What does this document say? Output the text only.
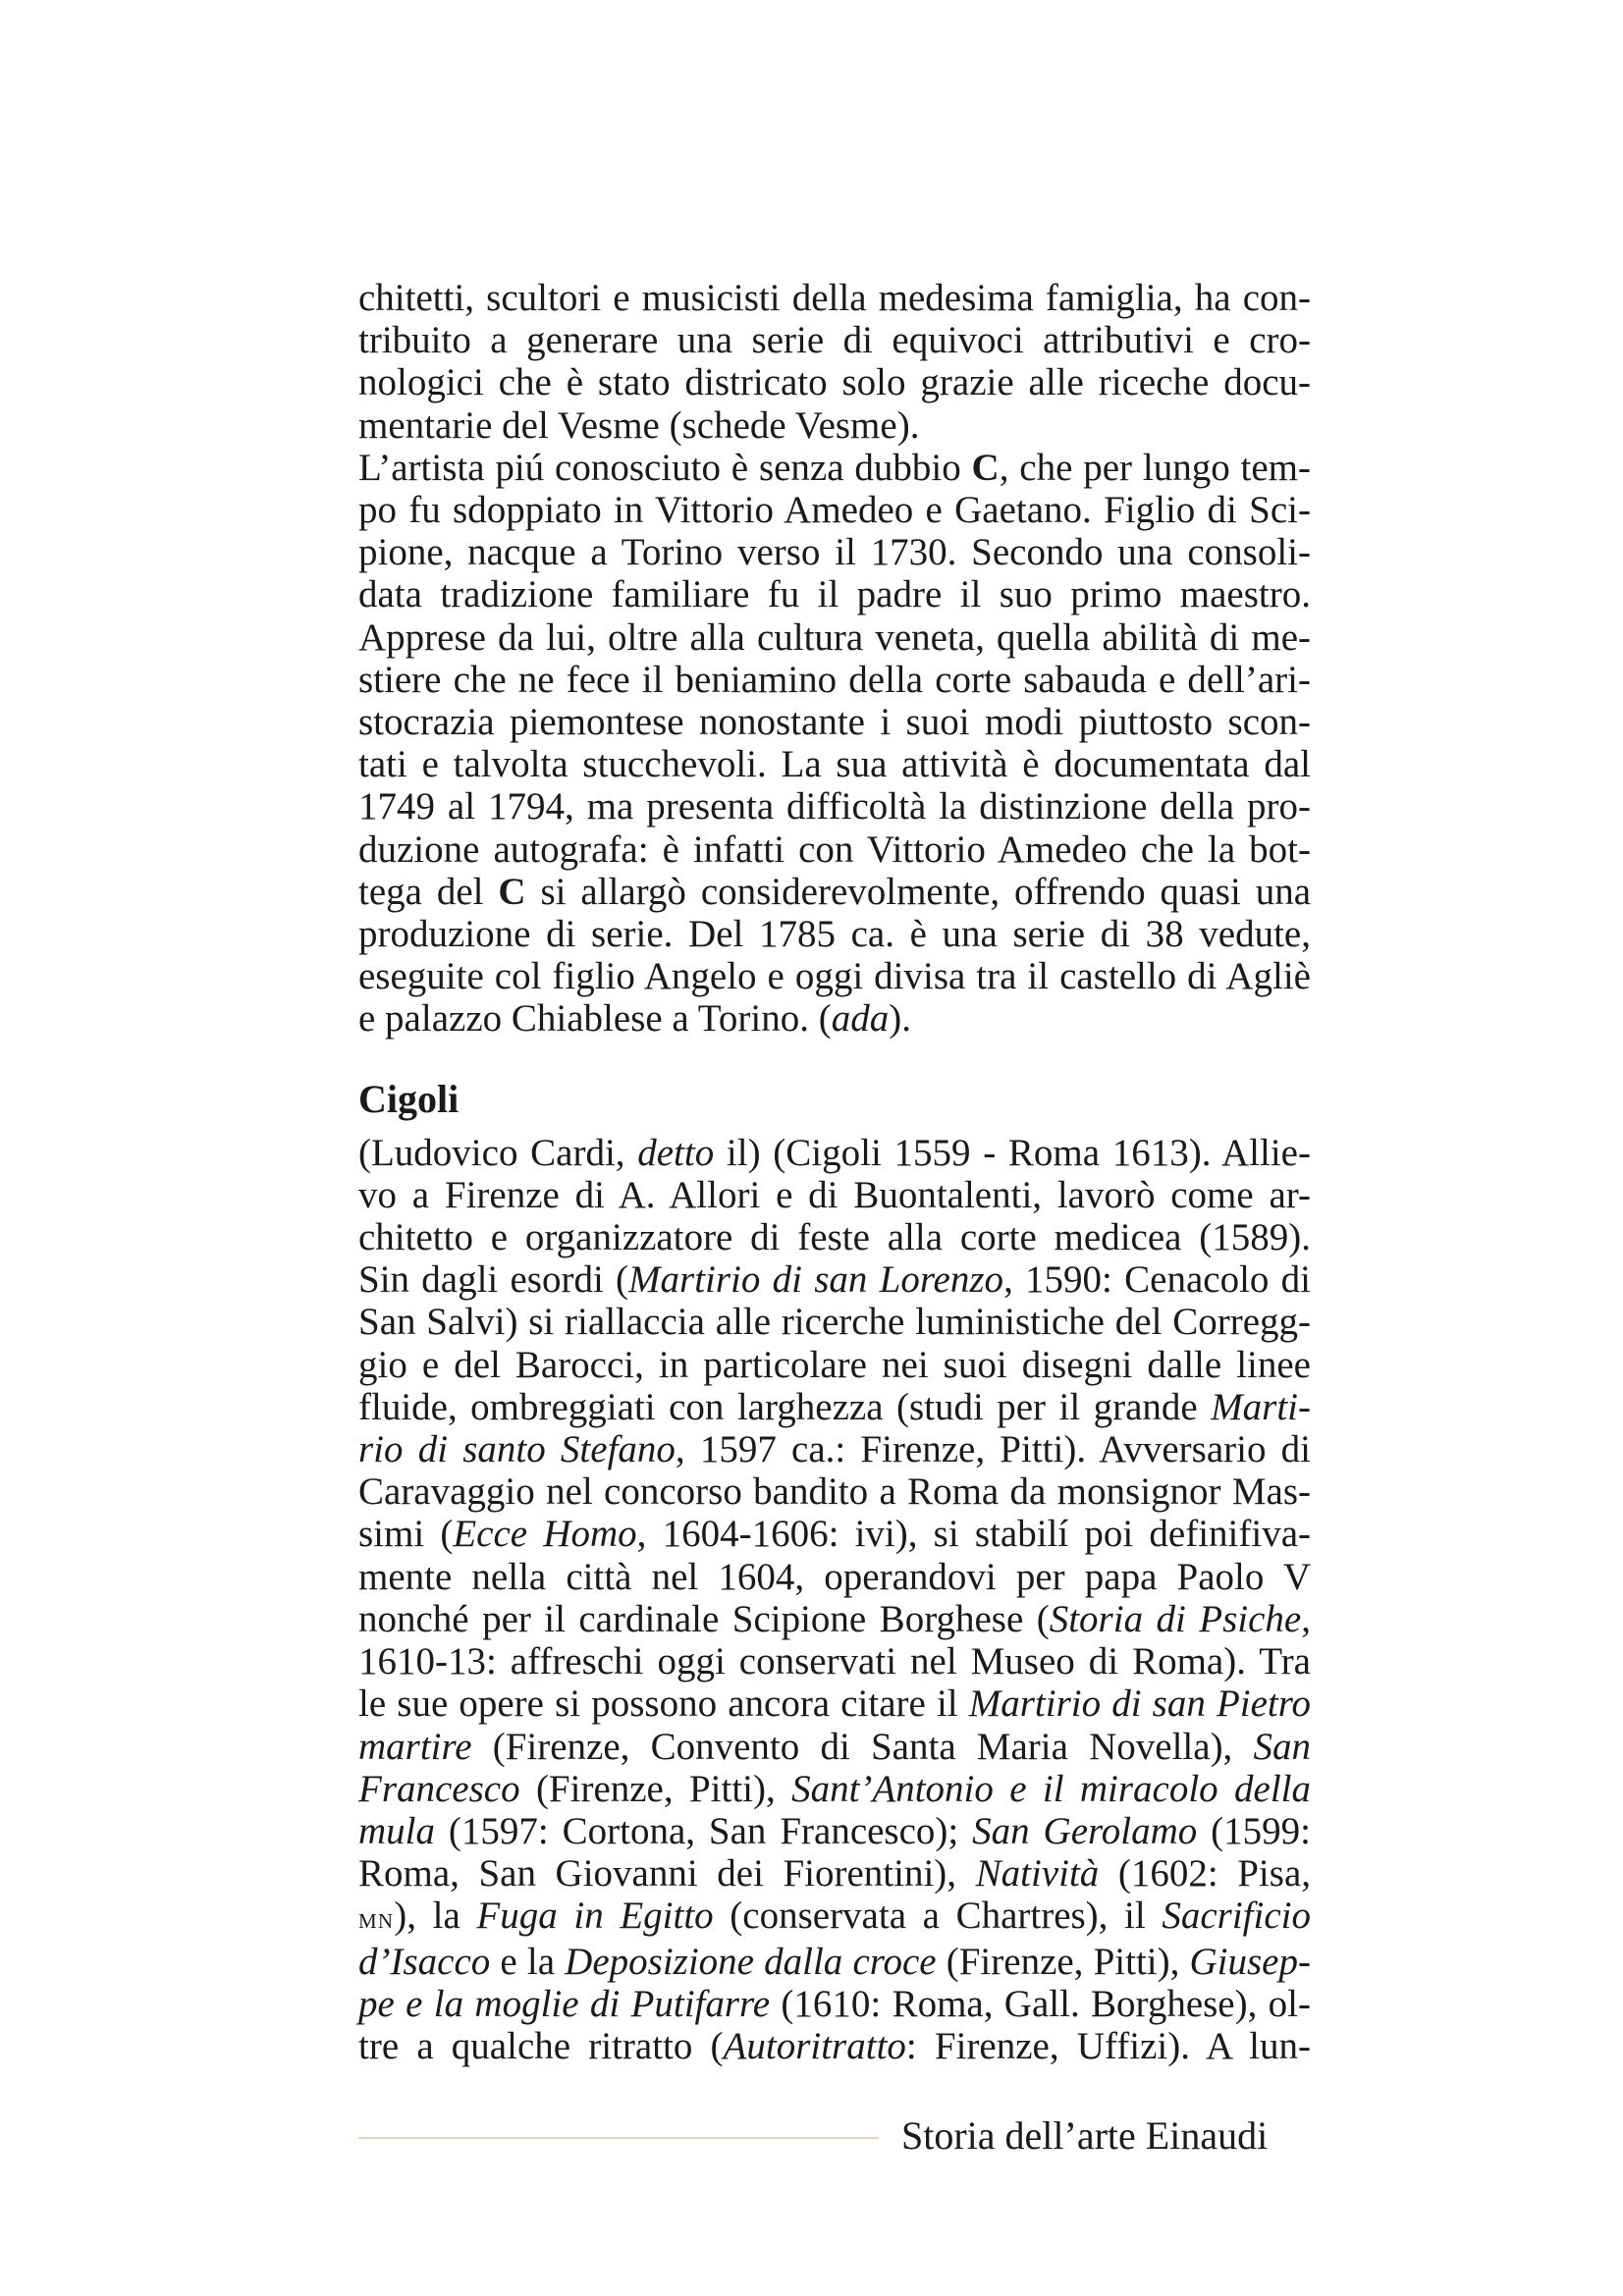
chitetti, scultori e musicisti della medesima famiglia, ha con-
tribuito a generare una serie di equivoci attributivi e cro-
nologici che è stato districato solo grazie alle riceche docu-
mentarie del Vesme (schede Vesme).
L’artista piú conosciuto è senza dubbio C, che per lungo tem-
po fu sdoppiato in Vittorio Amedeo e Gaetano. Figlio di Sci-
pione, nacque a Torino verso il 1730. Secondo una consoli-
data tradizione familiare fu il padre il suo primo maestro.
Apprese da lui, oltre alla cultura veneta, quella abilità di me-
stiere che ne fece il beniamino della corte sabauda e dell’ari-
stocrazia piemontese nonostante i suoi modi piuttosto scon-
tati e talvolta stucchevoli. La sua attività è documentata dal
1749 al 1794, ma presenta difficoltà la distinzione della pro-
duzione autografa: è infatti con Vittorio Amedeo che la bot-
tega del C si allargò considerevolmente, offrendo quasi una
produzione di serie. Del 1785 ca. è una serie di 38 vedute,
eseguite col figlio Angelo e oggi divisa tra il castello di Agliè
e palazzo Chiablese a Torino. (ada).
Cigoli
(Ludovico Cardi, detto il) (Cigoli 1559 - Roma 1613). Allie-
vo a Firenze di A. Allori e di Buontalenti, lavorò come ar-
chitetto e organizzatore di feste alla corte medicea (1589).
Sin dagli esordi (Martirio di san Lorenzo, 1590: Cenacolo di
San Salvi) si riallaccia alle ricerche luministiche del Corregg-
gio e del Barocci, in particolare nei suoi disegni dalle linee
fluide, ombreggiati con larghezza (studi per il grande Marti-
rio di santo Stefano, 1597 ca.: Firenze, Pitti). Avversario di
Caravaggio nel concorso bandito a Roma da monsignor Mas-
simi (Ecce Homo, 1604-1606: ivi), si stabilí poi definifiva-
mente nella città nel 1604, operandovi per papa Paolo V
nonché per il cardinale Scipione Borghese (Storia di Psiche,
1610-13: affreschi oggi conservati nel Museo di Roma). Tra
le sue opere si possono ancora citare il Martirio di san Pietro
martire (Firenze, Convento di Santa Maria Novella), San
Francesco (Firenze, Pitti), Sant’Antonio e il miracolo della
mula (1597: Cortona, San Francesco); San Gerolamo (1599:
Roma, San Giovanni dei Fiorentini), Natività (1602: Pisa,
mn), la Fuga in Egitto (conservata a Chartres), il Sacrificio
d’Isacco e la Deposizione dalla croce (Firenze, Pitti), Giusep-
pe e la moglie di Putifarre (1610: Roma, Gall. Borghese), ol-
tre a qualche ritratto (Autoritratto: Firenze, Uffizi). A lun-
Storia dell’arte Einaudi
